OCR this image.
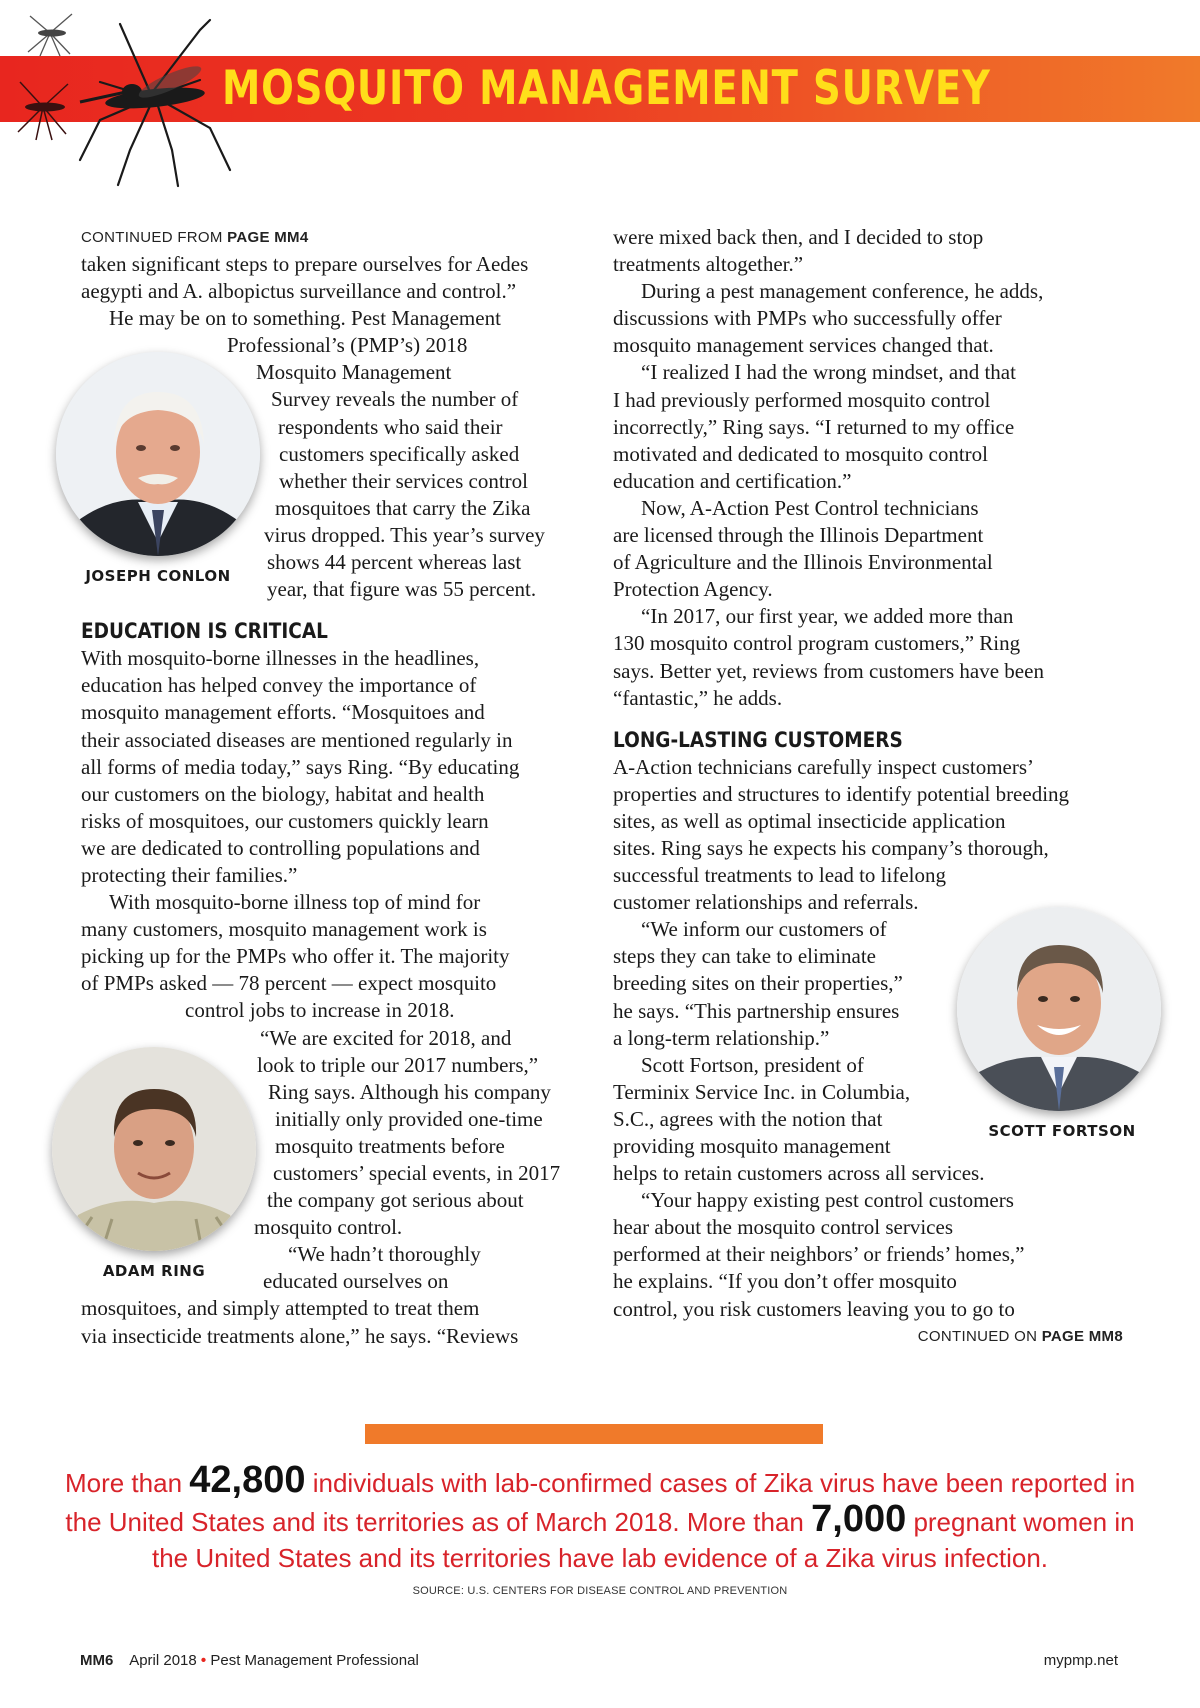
MOSQUITO MANAGEMENT SURVEY

CONTINUED FROM PAGE MM4

taken significant steps to prepare ourselves for Aedes

aegypti and A. albopictus surveillance and control.”

He may be on to something. Pest Management

Professional’s (PMP’s) 2018

Mosquito Management

Survey reveals the number of

respondents who said their

customers specifically asked

whether their services control

mosquitoes that carry the Zika

virus dropped. This year’s survey

shows 44 percent whereas last

year, that figure was 55 percent.

EDUCATION IS CRITICAL

With mosquito-borne illnesses in the headlines,

education has helped convey the importance of

mosquito management efforts. “Mosquitoes and

their associated diseases are mentioned regularly in

all forms of media today,” says Ring. “By educating

our customers on the biology, habitat and health

risks of mosquitoes, our customers quickly learn

we are dedicated to controlling populations and

protecting their families.”

With mosquito-borne illness top of mind for

many customers, mosquito management work is

picking up for the PMPs who offer it. The majority

of PMPs asked — 78 percent — expect mosquito

control jobs to increase in 2018.

“We are excited for 2018, and

look to triple our 2017 numbers,”

Ring says. Although his company

initially only provided one-time

mosquito treatments before

customers’ special events, in 2017

the company got serious about

mosquito control.

“We hadn’t thoroughly

educated ourselves on

mosquitoes, and simply attempted to treat them

via insecticide treatments alone,” he says. “Reviews

were mixed back then, and I decided to stop

treatments altogether.”

During a pest management conference, he adds,

discussions with PMPs who successfully offer

mosquito management services changed that.

“I realized I had the wrong mindset, and that

I had previously performed mosquito control

incorrectly,” Ring says. “I returned to my office

motivated and dedicated to mosquito control

education and certification.”

Now, A-Action Pest Control technicians

are licensed through the Illinois Department

of Agriculture and the Illinois Environmental

Protection Agency.

“In 2017, our first year, we added more than

130 mosquito control program customers,” Ring

says. Better yet, reviews from customers have been

“fantastic,” he adds.

LONG-LASTING CUSTOMERS

A-Action technicians carefully inspect customers’

properties and structures to identify potential breeding

sites, as well as optimal insecticide application

sites. Ring says he expects his company’s thorough,

successful treatments to lead to lifelong

customer relationships and referrals.

“We inform our customers of

steps they can take to eliminate

breeding sites on their properties,”

he says. “This partnership ensures

a long-term relationship.”

Scott Fortson, president of

Terminix Service Inc. in Columbia,

S.C., agrees with the notion that

providing mosquito management

helps to retain customers across all services.

“Your happy existing pest control customers

hear about the mosquito control services

performed at their neighbors’ or friends’ homes,”

he explains. “If you don’t offer mosquito

control, you risk customers leaving you to go to

CONTINUED ON PAGE MM8

JOSEPH CONLON
ADAM RING
SCOTT FORTSON
More than 42,800 individuals with lab-confirmed cases of Zika virus have been reported in the United States and its territories as of March 2018. More than 7,000 pregnant women in the United States and its territories have lab evidence of a Zika virus infection.
SOURCE: U.S. CENTERS FOR DISEASE CONTROL AND PREVENTION
MM6 April 2018 • Pest Management Professional	mypmp.net
